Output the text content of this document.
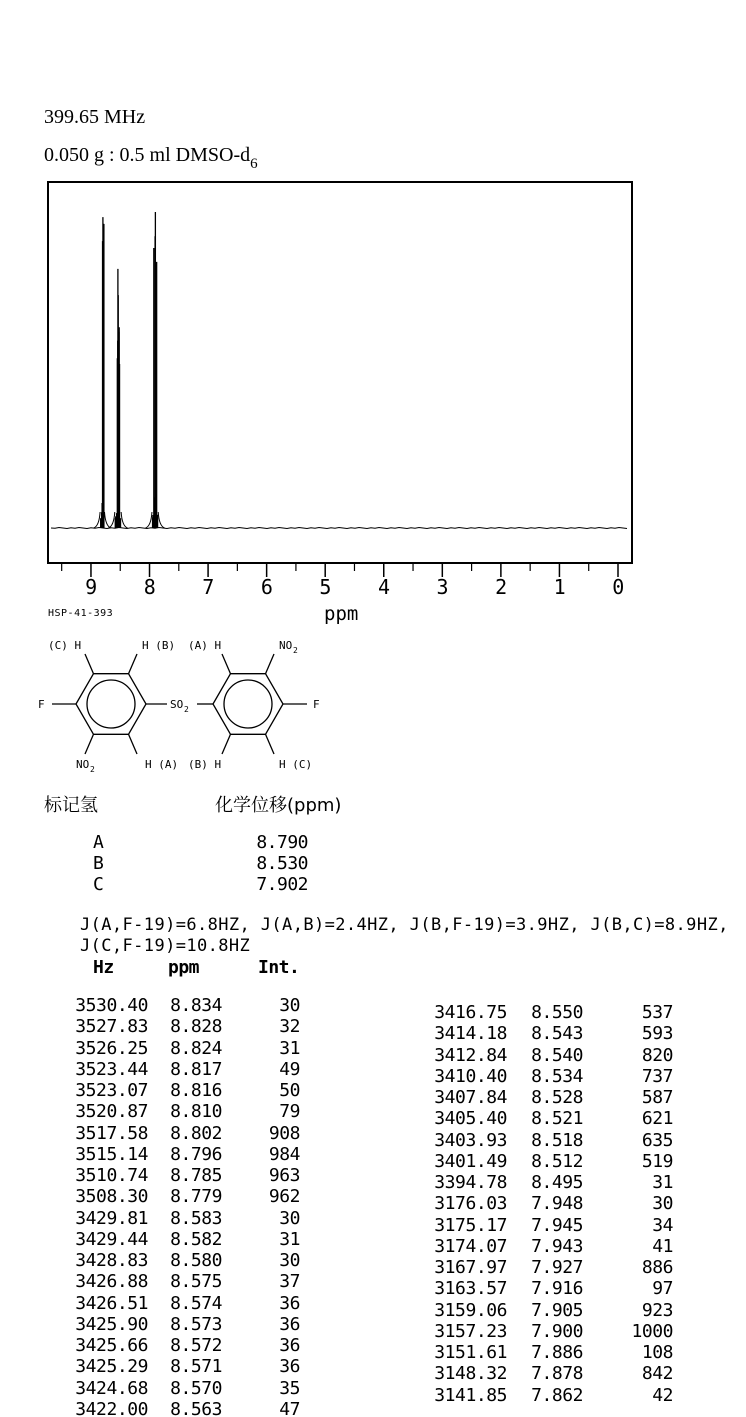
399.65 MHz
0.050 g : 0.5 ml DMSO-$d_6$
9	8	7	6	5	4	3	2	1	0
HSP-41-393	ppm
(C) H	H (B)
F
NO 2	H (A)
SO 2
(A) H	NO 2
F
(B) H	H (C)
标记氢	化学位移(ppm)
A	8.790
B	8.530
C	7.902
J(A,F-19)=6.8HZ, J(A,B)=2.4HZ, J(B,F-19)=3.9HZ, J(B,C)=8.9HZ,
J(C,F-19)=10.8HZ
Hz	ppm	Int.
3530.40	8.834	30
3527.83	8.828	32
3526.25	8.824	31
3523.44	8.817	49
3523.07	8.816	50
3520.87	8.810	79
3517.58	8.802	908
3515.14	8.796	984
3510.74	8.785	963
3508.30	8.779	962
3429.81	8.583	30
3429.44	8.582	31
3428.83	8.580	30
3426.88	8.575	37
3426.51	8.574	36
3425.90	8.573	36
3425.66	8.572	36
3425.29	8.571	36
3424.68	8.570	35
3422.00	8.563	47
3416.75	8.550	537
3414.18	8.543	593
3412.84	8.540	820
3410.40	8.534	737
3407.84	8.528	587
3405.40	8.521	621
3403.93	8.518	635
3401.49	8.512	519
3394.78	8.495	31
3176.03	7.948	30
3175.17	7.945	34
3174.07	7.943	41
3167.97	7.927	886
3163.57	7.916	97
3159.06	7.905	923
3157.23	7.900	1000
3151.61	7.886	108
3148.32	7.878	842
3141.85	7.862	42
